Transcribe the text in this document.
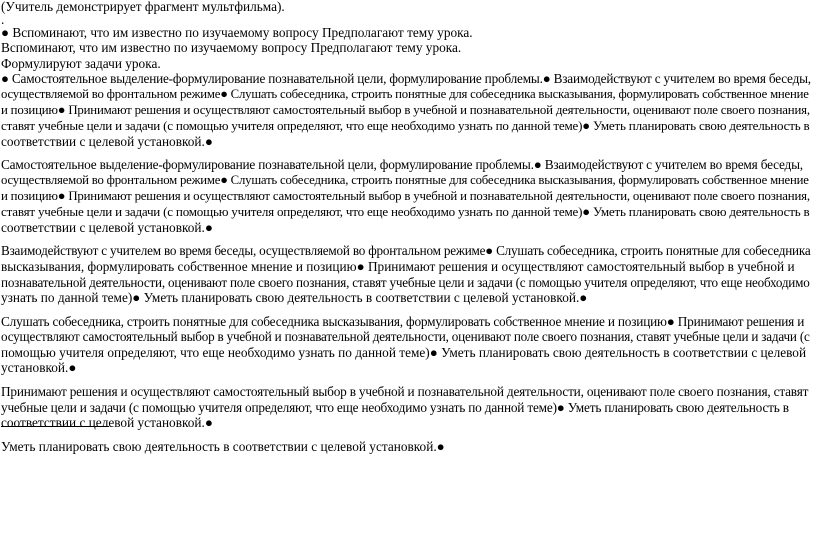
(Учитель демонстрирует фрагмент мультфильма).
.
● Вспоминают, что им известно по изучаемому вопросу Предполагают тему урока.
Вспоминают, что им известно по изучаемому вопросу Предполагают тему урока.
Формулируют задачи урока.
● Самостоятельное выделение-формулирование познавательной цели, формулирование проблемы.● Взаимодействуют с учителем во время беседы,
осуществляемой во фронтальном режиме● Слушать собеседника, строить понятные для собеседника высказывания, формулировать собственное мнение
и позицию● Принимают решения и осуществляют самостоятельный выбор в учебной и познавательной деятельности, оценивают поле своего познания,
ставят учебные цели и задачи (с помощью учителя определяют, что еще необходимо узнать по данной теме)● Уметь планировать свою деятельность в
соответствии с целевой установкой.●
Самостоятельное выделение-формулирование познавательной цели, формулирование проблемы.● Взаимодействуют с учителем во время беседы,
осуществляемой во фронтальном режиме● Слушать собеседника, строить понятные для собеседника высказывания, формулировать собственное мнение
и позицию● Принимают решения и осуществляют самостоятельный выбор в учебной и познавательной деятельности, оценивают поле своего познания,
ставят учебные цели и задачи (с помощью учителя определяют, что еще необходимо узнать по данной теме)● Уметь планировать свою деятельность в
соответствии с целевой установкой.●
Взаимодействуют с учителем во время беседы, осуществляемой во фронтальном режиме● Слушать собеседника, строить понятные для собеседника
высказывания, формулировать собственное мнение и позицию● Принимают решения и осуществляют самостоятельный выбор в учебной и
познавательной деятельности, оценивают поле своего познания, ставят учебные цели и задачи (с помощью учителя определяют, что еще необходимо
узнать по данной теме)● Уметь планировать свою деятельность в соответствии с целевой установкой.●
Слушать собеседника, строить понятные для собеседника высказывания, формулировать собственное мнение и позицию● Принимают решения и
осуществляют самостоятельный выбор в учебной и познавательной деятельности, оценивают поле своего познания, ставят учебные цели и задачи (с
помощью учителя определяют, что еще необходимо узнать по данной теме)● Уметь планировать свою деятельность в соответствии с целевой
установкой.●
Принимают решения и осуществляют самостоятельный выбор в учебной и познавательной деятельности, оценивают поле своего познания, ставят
учебные цели и задачи (с помощью учителя определяют, что еще необходимо узнать по данной теме)● Уметь планировать свою деятельность в
соответствии с целевой установкой.●
Уметь планировать свою деятельность в соответствии с целевой установкой.●
